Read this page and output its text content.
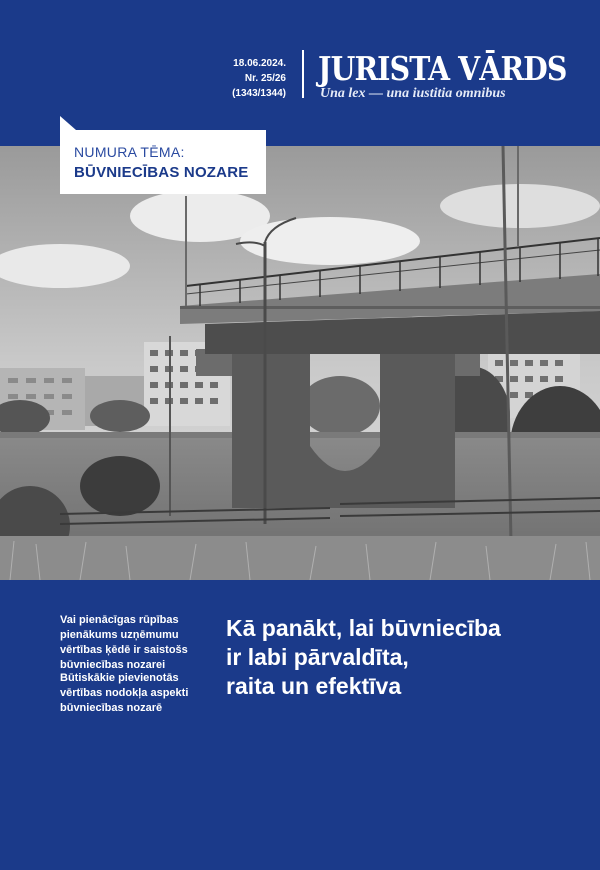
18.06.2024.
Nr. 25/26
(1343/1344)
JURISTA VĀRDS
Una lex — una iustitia omnibus
NUMURA TĒMA:
BŪVNIECĪBAS NOZARE
Vai pienācīgas rūpības pienākums uzņēmumu vērtības ķēdē ir saistošs būvniecības nozarei
Būtiskākie pievienotās vērtības nodokļa aspekti būvniecības nozarē
Kā panākt, lai būvniecība
ir labi pārvaldīta,
raita un efektīva
